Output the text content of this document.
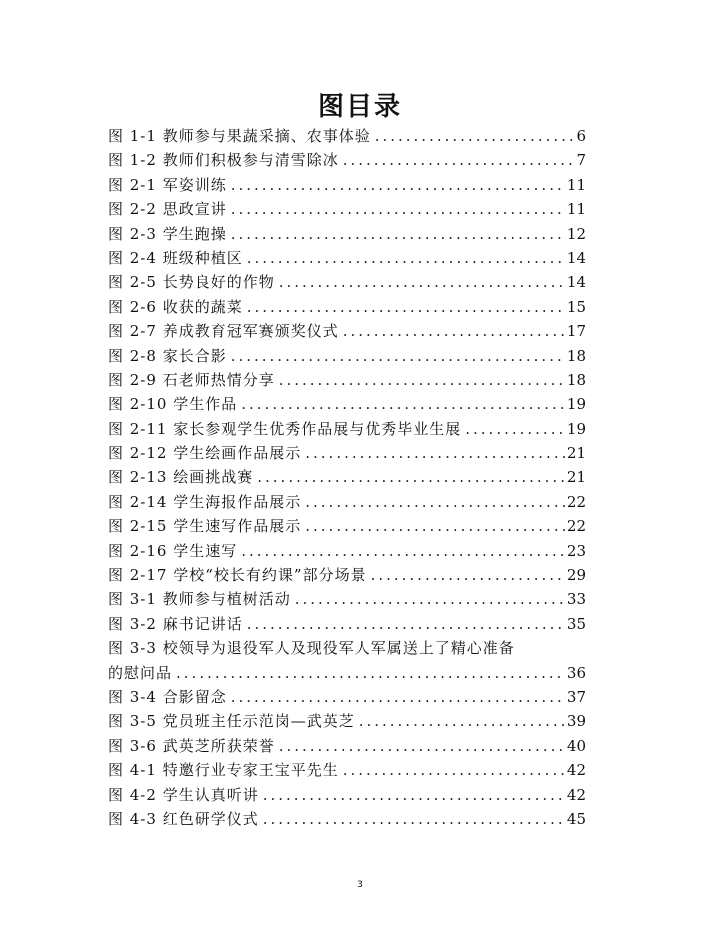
图目录
图 1-1 教师参与果蔬采摘、农事体验 .....	6
图 1-2 教师们积极参与清雪除冰 .....	7
图 2-1 军姿训练 .....	11
图 2-2 思政宣讲 .....	11
图 2-3 学生跑操 .....	12
图 2-4 班级种植区 .....	14
图 2-5 长势良好的作物 .....	14
图 2-6 收获的蔬菜 .....	15
图 2-7 养成教育冠军赛颁奖仪式 .....	17
图 2-8 家长合影 .....	18
图 2-9 石老师热情分享 .....	18
图 2-10 学生作品 .....	19
图 2-11 家长参观学生优秀作品展与优秀毕业生展 .....	19
图 2-12 学生绘画作品展示 .....	21
图 2-13 绘画挑战赛 .....	21
图 2-14 学生海报作品展示 .....	22
图 2-15 学生速写作品展示 .....	22
图 2-16 学生速写 .....	23
图 2-17 学校“校长有约课”部分场景 .....	29
图 3-1 教师参与植树活动 .....	33
图 3-2 麻书记讲话 .....	35
图 3-3 校领导为退役军人及现役军人军属送上了精心准备
的慰问品 .....	36
图 3-4 合影留念 .....	37
图 3-5 党员班主任示范岗—武英芝 .....	39
图 3-6 武英芝所获荣誉 .....	40
图 4-1 特邀行业专家王宝平先生 .....	42
图 4-2 学生认真听讲 .....	42
图 4-3 红色研学仪式 .....	45
3
